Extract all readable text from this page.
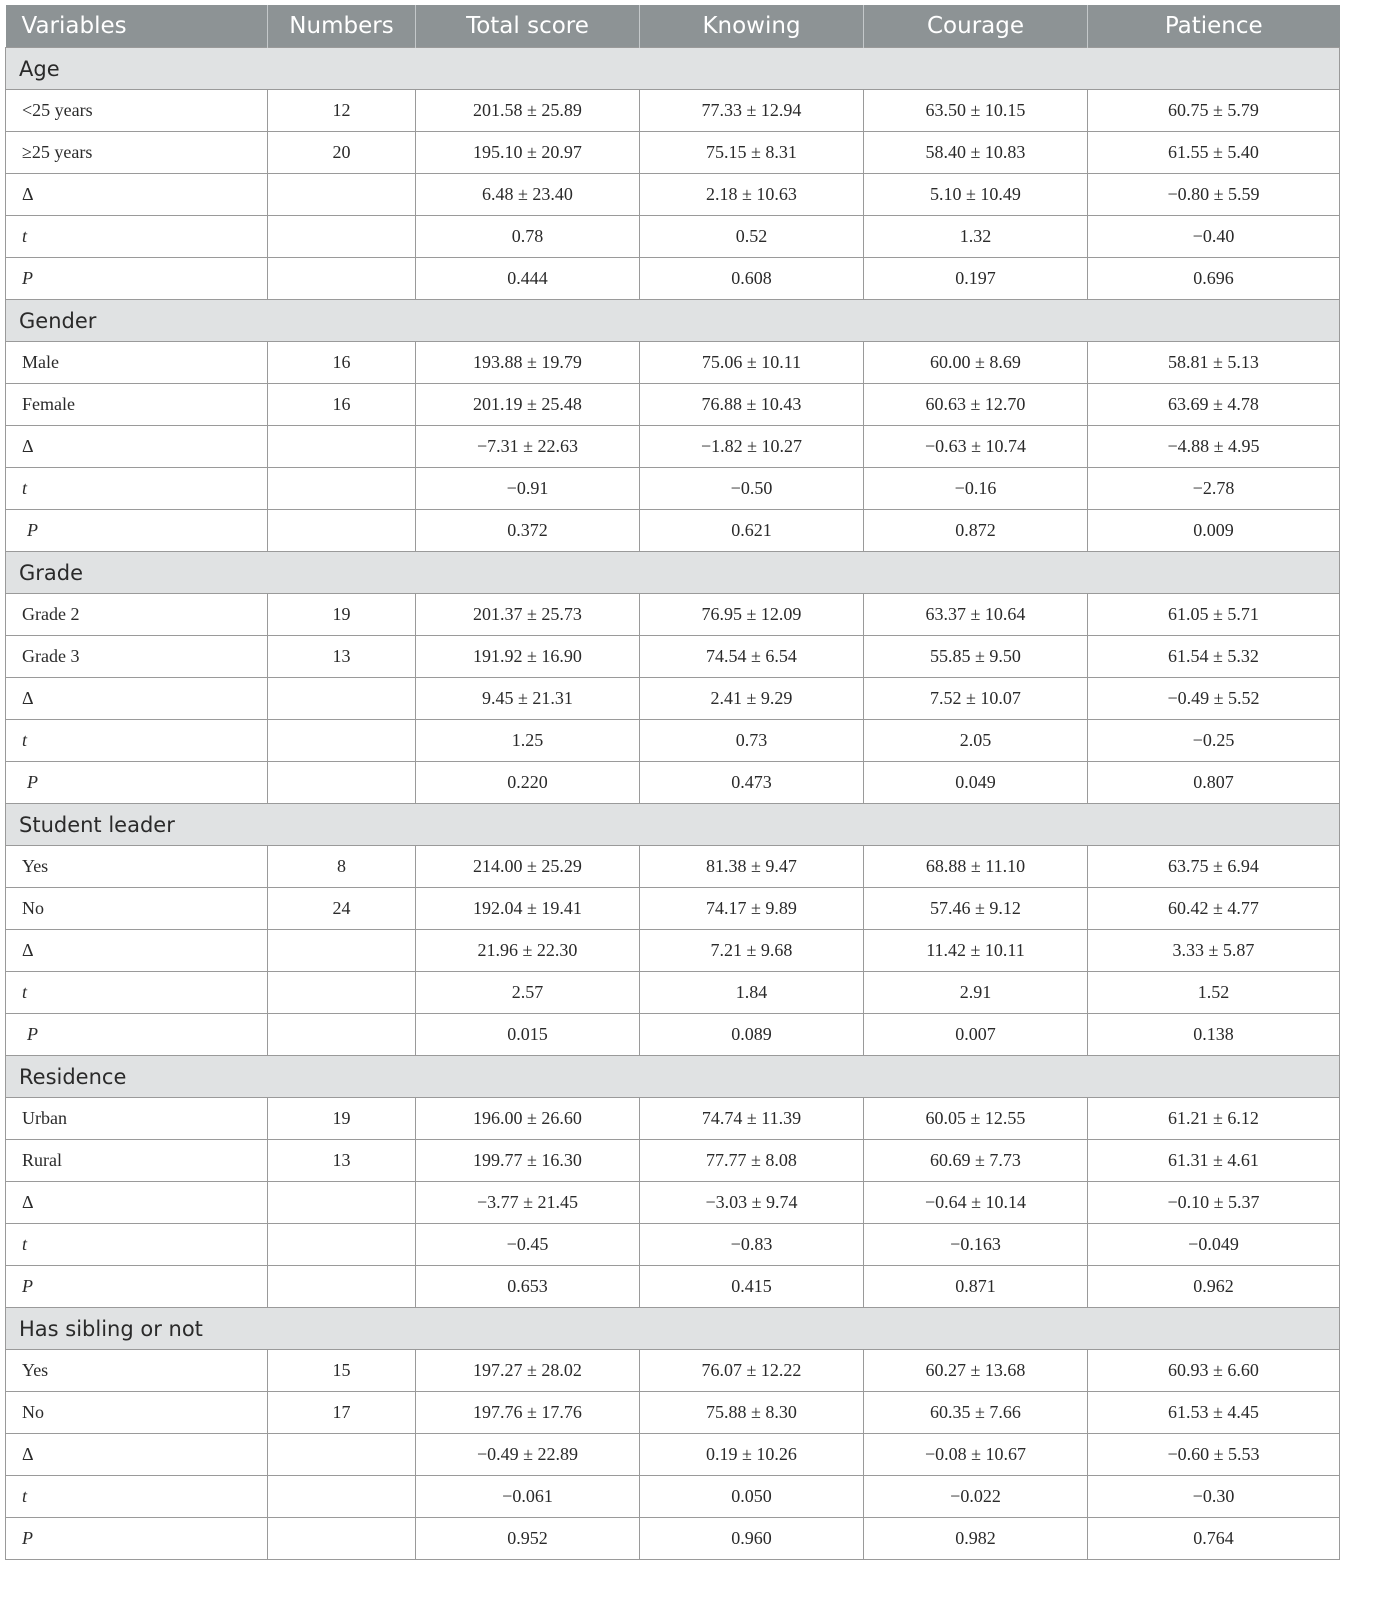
Variables	Numbers	Total score	Knowing	Courage	Patience
Age					
<25 years	12	201.58 ± 25.89	77.33 ± 12.94	63.50 ± 10.15	60.75 ± 5.79
≥25 years	20	195.10 ± 20.97	75.15 ± 8.31	58.40 ± 10.83	61.55 ± 5.40
Δ		6.48 ± 23.40	2.18 ± 10.63	5.10 ± 10.49	−0.80 ± 5.59
t		0.78	0.52	1.32	−0.40
P		0.444	0.608	0.197	0.696
Gender					
Male	16	193.88 ± 19.79	75.06 ± 10.11	60.00 ± 8.69	58.81 ± 5.13
Female	16	201.19 ± 25.48	76.88 ± 10.43	60.63 ± 12.70	63.69 ± 4.78
Δ		−7.31 ± 22.63	−1.82 ± 10.27	−0.63 ± 10.74	−4.88 ± 4.95
t		−0.91	−0.50	−0.16	−2.78
P		0.372	0.621	0.872	0.009
Grade					
Grade 2	19	201.37 ± 25.73	76.95 ± 12.09	63.37 ± 10.64	61.05 ± 5.71
Grade 3	13	191.92 ± 16.90	74.54 ± 6.54	55.85 ± 9.50	61.54 ± 5.32
Δ		9.45 ± 21.31	2.41 ± 9.29	7.52 ± 10.07	−0.49 ± 5.52
t		1.25	0.73	2.05	−0.25
P		0.220	0.473	0.049	0.807
Student leader					
Yes	8	214.00 ± 25.29	81.38 ± 9.47	68.88 ± 11.10	63.75 ± 6.94
No	24	192.04 ± 19.41	74.17 ± 9.89	57.46 ± 9.12	60.42 ± 4.77
Δ		21.96 ± 22.30	7.21 ± 9.68	11.42 ± 10.11	3.33 ± 5.87
t		2.57	1.84	2.91	1.52
P		0.015	0.089	0.007	0.138
Residence					
Urban	19	196.00 ± 26.60	74.74 ± 11.39	60.05 ± 12.55	61.21 ± 6.12
Rural	13	199.77 ± 16.30	77.77 ± 8.08	60.69 ± 7.73	61.31 ± 4.61
Δ		−3.77 ± 21.45	−3.03 ± 9.74	−0.64 ± 10.14	−0.10 ± 5.37
t		−0.45	−0.83	−0.163	−0.049
P		0.653	0.415	0.871	0.962
Has sibling or not					
Yes	15	197.27 ± 28.02	76.07 ± 12.22	60.27 ± 13.68	60.93 ± 6.60
No	17	197.76 ± 17.76	75.88 ± 8.30	60.35 ± 7.66	61.53 ± 4.45
Δ		−0.49 ± 22.89	0.19 ± 10.26	−0.08 ± 10.67	−0.60 ± 5.53
t		−0.061	0.050	−0.022	−0.30
P		0.952	0.960	0.982	0.764
